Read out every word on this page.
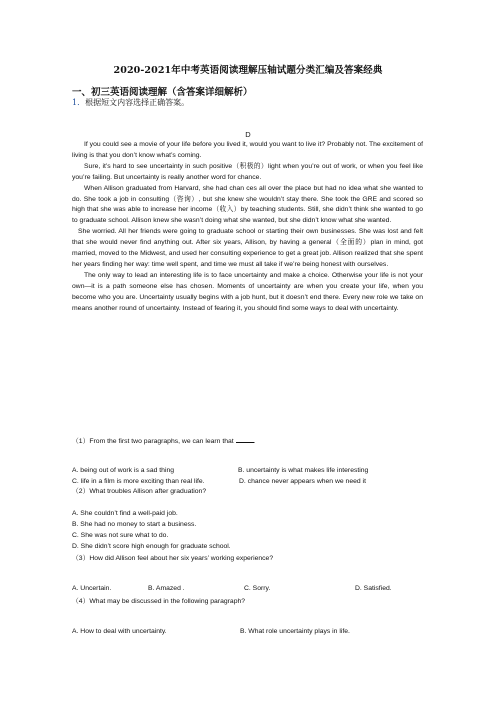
2020-2021年中考英语阅读理解压轴试题分类汇编及答案经典
一、初三英语阅读理解（含答案详细解析）
1．根据短文内容选择正确答案。
D

If you could see a movie of your life before you lived it, would you want to live it? Probably not. The excitement of living is that you don’t know what’s coming.

Sure, it’s hard to see uncertainty in such positive（积极的）light when you’re out of work, or when you feel like you’re failing. But uncertainty is really another word for chance.

When Allison graduated from Harvard, she had chan ces all over the place but had no idea what she wanted to do. She took a job in consulting（咨询）, but she knew she wouldn’t stay there. She took the GRE and scored so high that she was able to increase her income（收入）by teaching students. Still, she didn’t think she wanted to go to graduate school. Allison knew she wasn’t doing what she wanted, but she didn’t know what she wanted.

She worried. All her friends were going to graduate school or starting their own businesses. She was lost and felt that she would never find anything out. After six years, Allison, by having a general（全面的）plan in mind, got married, moved to the Midwest, and used her consulting experience to get a great job. Allison realized that she spent her years finding her way: time well spent, and time we must all take if we’re being honest with ourselves.

The only way to lead an interesting life is to face uncertainty and make a choice. Otherwise your life is not your own—it is a path someone else has chosen. Moments of uncertainty are when you create your life, when you become who you are. Uncertainty usually begins with a job hunt, but it doesn’t end there. Every new role we take on means another round of uncertainty. Instead of fearing it, you should find some ways to deal with uncertainty.

（1）From the first two paragraphs, we can learn that	.
A. being out of work is a sad thing	B. uncertainty is what makes life interesting
C. life in a film is more exciting than real life.	D. chance never appears when we need it
（2）What troubles Allison after graduation?
A. She couldn’t find a well-paid job.
B. She had no money to start a business.
C. She was not sure what to do.
D. She didn’t score high enough for graduate school.
（3）How did Allison feel about her six years’ working experience?
A. Uncertain.	B. Amazed .	C. Sorry.	D. Satisfied.
（4）What may be discussed in the following paragraph?
A. How to deal with uncertainty.	B. What role uncertainty plays in life.
